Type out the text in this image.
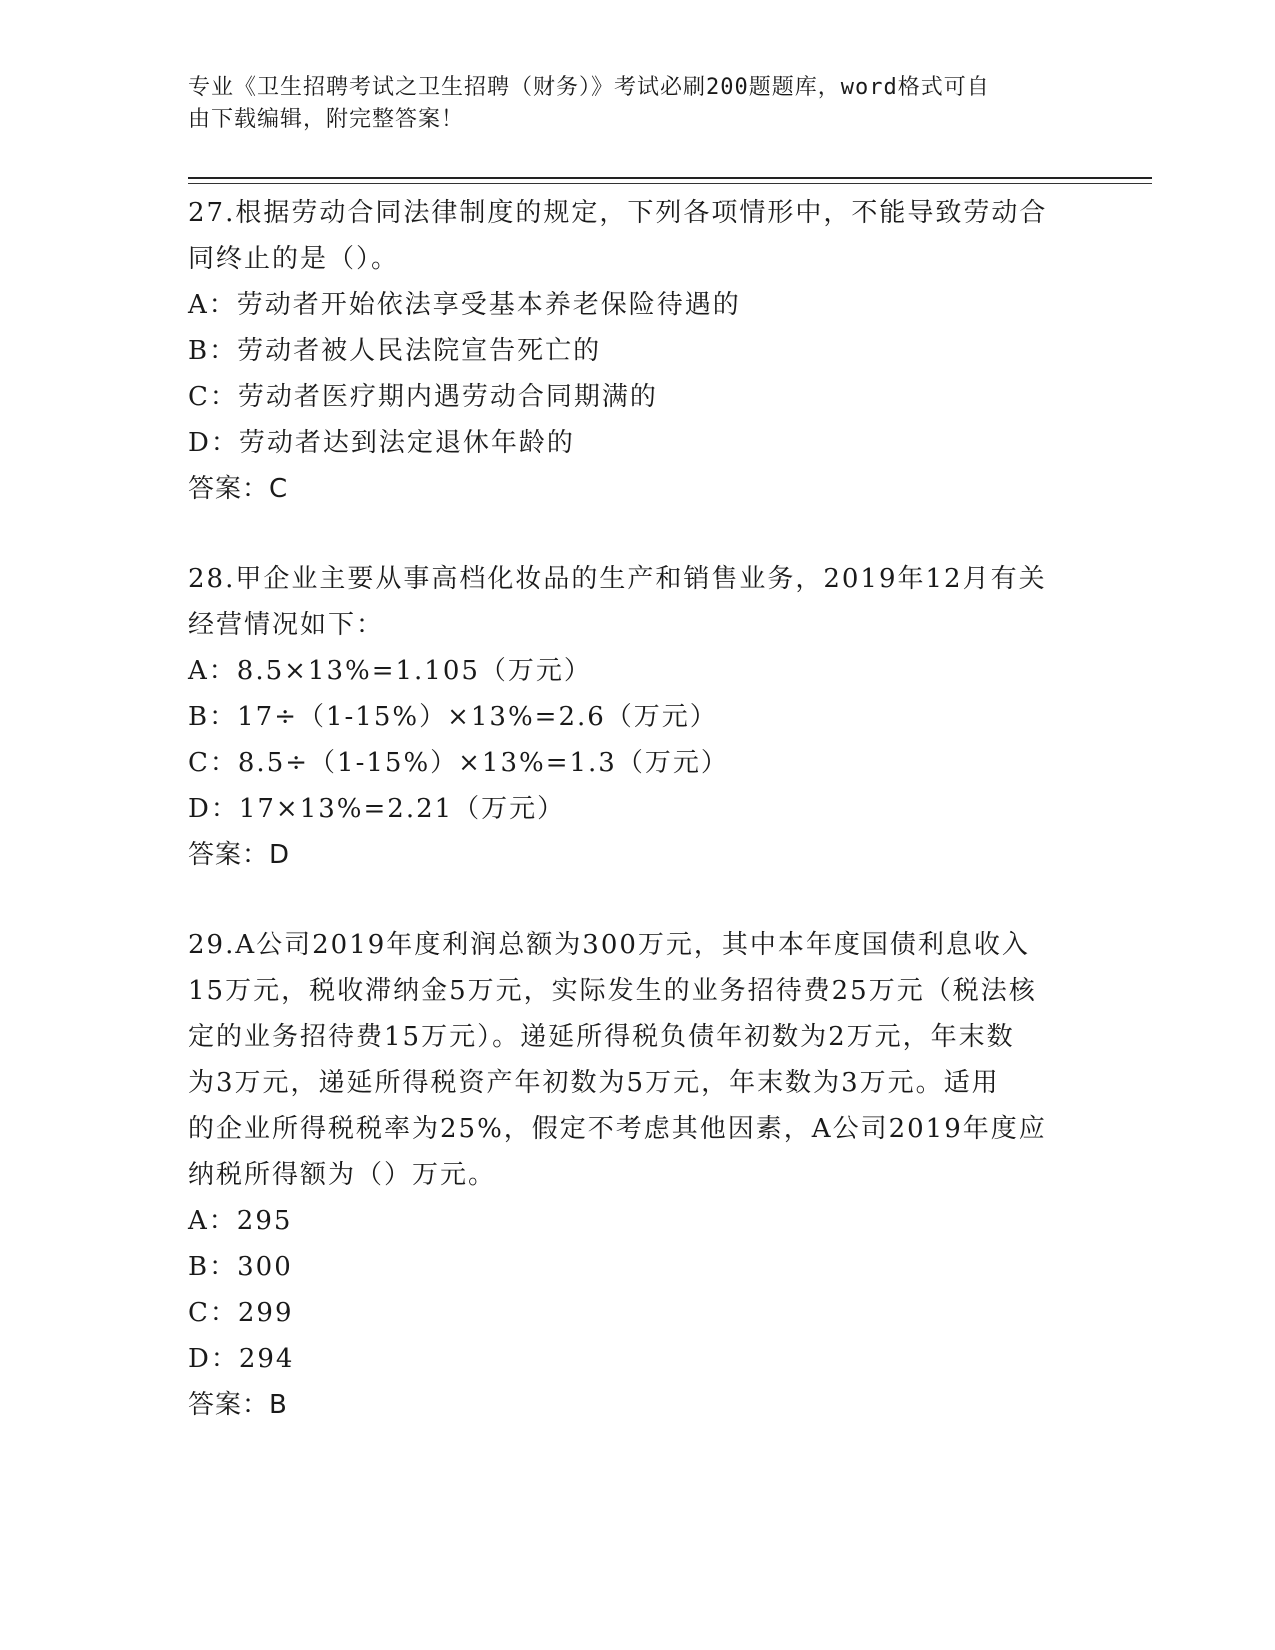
专业《卫生招聘考试之卫生招聘（财务）》考试必刷200题题库，word格式可自
由下载编辑，附完整答案！
27.根据劳动合同法律制度的规定，下列各项情形中，不能导致劳动合
同终止的是（）。
A：劳动者开始依法享受基本养老保险待遇的
B：劳动者被人民法院宣告死亡的
C：劳动者医疗期内遇劳动合同期满的
D：劳动者达到法定退休年龄的
答案：C
28.甲企业主要从事高档化妆品的生产和销售业务，2019年12月有关
经营情况如下：
A：8.5×13%=1.105（万元）
B：17÷（1-15%）×13%=2.6（万元）
C：8.5÷（1-15%）×13%=1.3（万元）
D：17×13%=2.21（万元）
答案：D
29.A公司2019年度利润总额为300万元，其中本年度国债利息收入
15万元，税收滞纳金5万元，实际发生的业务招待费25万元（税法核
定的业务招待费15万元）。递延所得税负债年初数为2万元，年末数
为3万元，递延所得税资产年初数为5万元，年末数为3万元。适用
的企业所得税税率为25%，假定不考虑其他因素，A公司2019年度应
纳税所得额为（）万元。
A：295
B：300
C：299
D：294
答案：B
